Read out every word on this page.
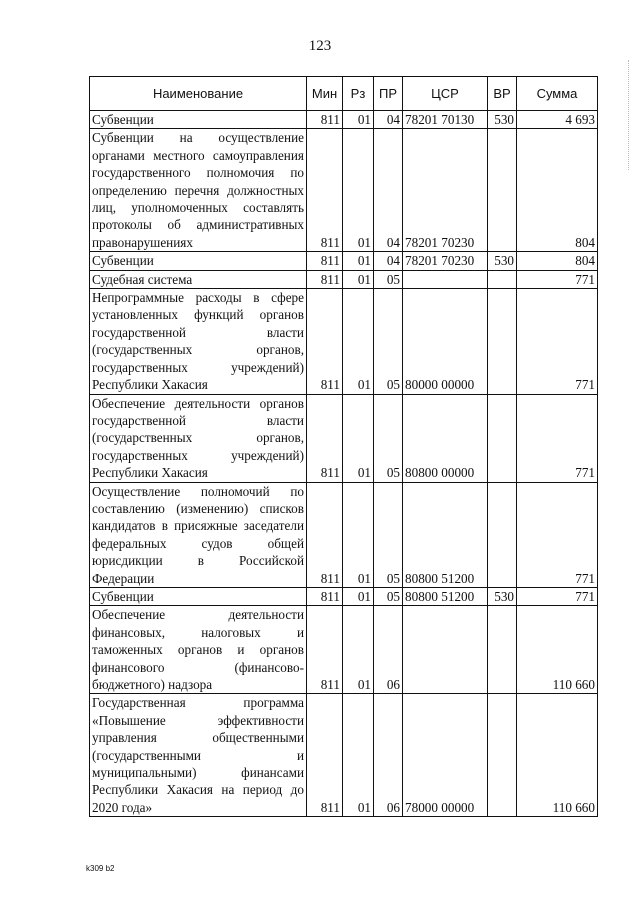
123
Наименование	Мин	Рз	ПР	ЦСР	ВР	Сумма
Субвенции	811	01	04	78201 70130	530	4 693
Субвенции на осуществление органами местного самоуправления государственного полномочия по определению перечня должностных лиц, уполномоченных составлять протоколы об административных правонарушениях	811	01	04	78201 70230		804
Субвенции	811	01	04	78201 70230	530	804
Судебная система	811	01	05			771
Непрограммные расходы в сфере установленных функций органов государственной власти (государственных органов, государственных учреждений) Республики Хакасия	811	01	05	80000 00000		771
Обеспечение деятельности органов государственной власти (государственных органов, государственных учреждений) Республики Хакасия	811	01	05	80800 00000		771
Осуществление полномочий по составлению (изменению) списков кандидатов в присяжные заседатели федеральных судов общей юрисдикции в Российской Федерации	811	01	05	80800 51200		771
Субвенции	811	01	05	80800 51200	530	771
Обеспечение деятельности финансовых, налоговых и таможенных органов и органов финансового (финансово-бюджетного) надзора	811	01	06			110 660
Государственная программа «Повышение эффективности управления общественными (государственными и муниципальными) финансами Республики Хакасия на период до 2020 года»	811	01	06	78000 00000		110 660
k309 b2
